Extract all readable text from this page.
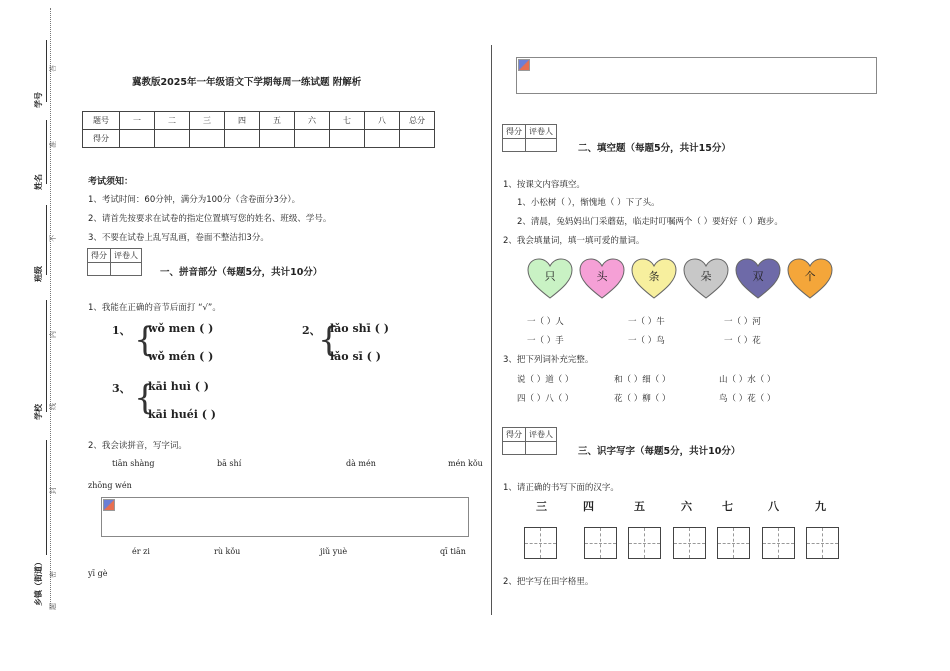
学号
姓名
班级
学校
乡镇（街道）
答
准
不
内
线
封
密
题
冀教版2025年一年级语文下学期每周一练试题 附解析
题号	一	二	三	四	五	六	七	八	总分
得分									
考试须知：
1、考试时间：60分钟，满分为100分（含卷面分3分）。
2、请首先按要求在试卷的指定位置填写您的姓名、班级、学号。
3、不要在试卷上乱写乱画，卷面不整洁扣3分。
得分	评卷人

一、拼音部分（每题5分，共计10分）
1、我能在正确的音节后面打 “√”。
1、 {
wǒ men ( )
wǒ mén ( )
2、
{
lǎo shī ( )
lǎo sī ( )
3、 {
kāi huì ( )
kāi huéi ( )
2、我会读拼音，写字词。
tiān shàng	bā shí	dà mén	mén kǒu
zhōng wén
ér zi	rù kǒu	jiǔ yuè	qī tiān
yī gè
得分	评卷人

二、填空题（每题5分，共计15分）
1、按课文内容填空。
1、小松树（ ），惭愧地（ ）下了头。
2、清晨，兔妈妈出门采蘑菇，临走时叮嘱两个（ ）要好好（ ）跑步。
2、我会填量词，填一填可爱的量词。
只	头	条	朵	双	个
一（ ）人	一（ ）牛	一（ ）河
一（ ）手	一（ ）鸟	一（ ）花
3、把下列词补充完整。
说（ ）道（ ）	和（ ）细（ ）	山（ ）水（ ）
四（ ）八（ ）	花（ ）柳（ ）	鸟（ ）花（ ）
得分	评卷人

三、识字写字（每题5分，共计10分）
1、请正确的书写下面的汉字。
三	四	五	六	七	八	九
2、把字写在田字格里。
